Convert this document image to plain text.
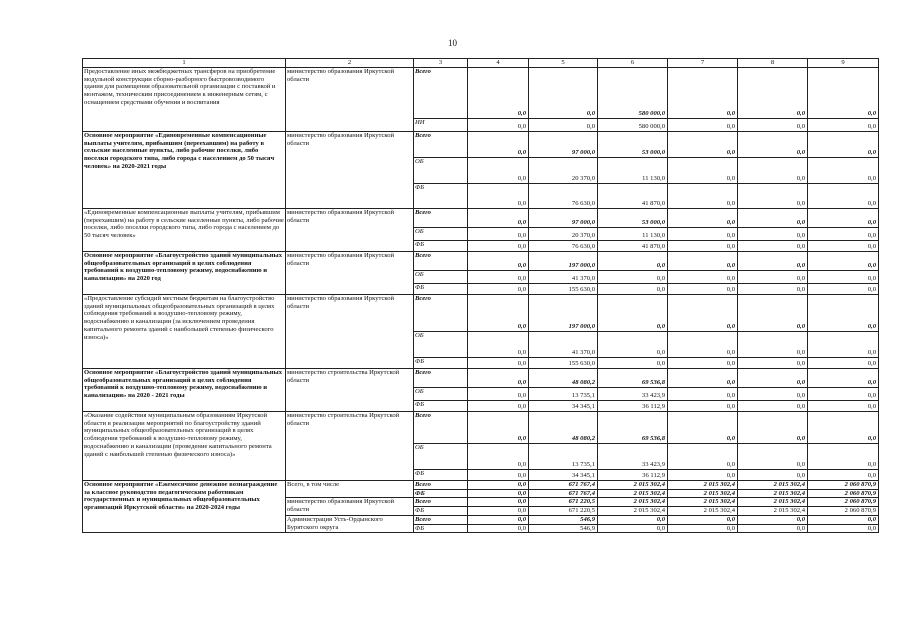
10
1	2	3	4	5	6	7	8	9
Предоставление иных межбюджетных трансферов на приобретение модульной конструкции сборно-разборного быстровозводимого здания для размещения образовательной организации с поставкой и монтажом, техническим присоединением к инженерным сетям, с оснащением средствами обучения и воспитания	министерство образования Иркутской области	Всего	0,0	0,0	580 000,0	0,0	0,0	0,0
		ИИ	0,0	0,0	580 000,0	0,0	0,0	0,0
Основное мероприятие «Единовременные компенсационные выплаты учителям, прибывшим (переехавшим) на работу в сельские населенные пункты, либо рабочие поселки, либо поселки городского типа, либо города с населением до 50 тысяч человек» на 2020-2021 годы	министерство образования Иркутской области	Всего	0,0	97 000,0	53 000,0	0,0	0,0	0,0
		ОБ	0,0	20 370,0	11 130,0	0,0	0,0	0,0
		ФБ	0,0	76 630,0	41 870,0	0,0	0,0	0,0
«Единовременные компенсационные выплаты учителям, прибывшим (переехавшим) на работу в сельские населенные пункты, либо рабочие поселки, либо поселки городского типа, либо города с населением до 50 тысяч человек»	министерство образования Иркутской области	Всего	0,0	97 000,0	53 000,0	0,0	0,0	0,0
		ОБ	0,0	20 370,0	11 130,0	0,0	0,0	0,0
		ФБ	0,0	76 630,0	41 870,0	0,0	0,0	0,0
Основное мероприятие «Благоустройство зданий муниципальных общеобразовательных организаций в целях соблюдения требований к воздушно-тепловому режиму, водоснабжению и канализации» на 2020 год	министерство образования Иркутской области	Всего	0,0	197 000,0	0,0	0,0	0,0	0,0
		ОБ	0,0	41 370,0	0,0	0,0	0,0	0,0
		ФБ	0,0	155 630,0	0,0	0,0	0,0	0,0
«Предоставление субсидий местным бюджетам на благоустройство зданий муниципальных общеобразовательных организаций в целях соблюдения требований к воздушно-тепловому режиму, водоснабжению и канализации (за исключением проведения капитального ремонта зданий с наибольшей степенью физического износа)»	министерство образования Иркутской области	Всего	0,0	197 000,0	0,0	0,0	0,0	0,0
		ОБ	0,0	41 370,0	0,0	0,0	0,0	0,0
		ФБ	0,0	155 630,0	0,0	0,0	0,0	0,0
Основное мероприятие «Благоустройство зданий муниципальных общеобразовательных организаций в целях соблюдения требований к воздушно-тепловому режиму, водоснабжению и канализации» на 2020 - 2021 годы	министерство строительства Иркутской области	Всего	0,0	48 080,2	69 536,8	0,0	0,0	0,0
		ОБ	0,0	13 735,1	33 423,9	0,0	0,0	0,0
		ФБ	0,0	34 345,1	36 112,9	0,0	0,0	0,0
«Оказание содействия муниципальным образованиям Иркутской области в реализации мероприятий по благоустройству зданий муниципальных общеобразовательных организаций в целях соблюдения требований к воздушно-тепловому режиму, водоснабжению и канализации (проведение капитального ремонта зданий с наибольшей степенью физического износа)»	министерство строительства Иркутской области	Всего	0,0	48 080,2	69 536,8	0,0	0,0	0,0
		ОБ	0,0	13 735,1	33 423,9	0,0	0,0	0,0
		ФБ	0,0	34 345,1	36 112,9	0,0	0,0	0,0
Основное мероприятие «Ежемесячное денежное вознаграждение за классное руководство педагогическим работникам государственных и муниципальных общеобразовательных организаций Иркутской области» на 2020-2024 годы	Всего, в том числе	Всего	0,0	671 767,4	2 015 302,4	2 015 302,4	2 015 302,4	2 060 870,9
		ФБ	0,0	671 767,4	2 015 302,4	2 015 302,4	2 015 302,4	2 060 870,9
	министерство образования Иркутской области	Всего	0,0	671 220,5	2 015 302,4	2 015 302,4	2 015 302,4	2 060 870,9
		ФБ	0,0	671 220,5	2 015 302,4	2 015 302,4	2 015 302,4	2 060 870,9
	Администрация Усть-Ордынского Бурятского округа	Всего	0,0	546,9	0,0	0,0	0,0	0,0
		ФБ	0,0	546,9	0,0	0,0	0,0	0,0
